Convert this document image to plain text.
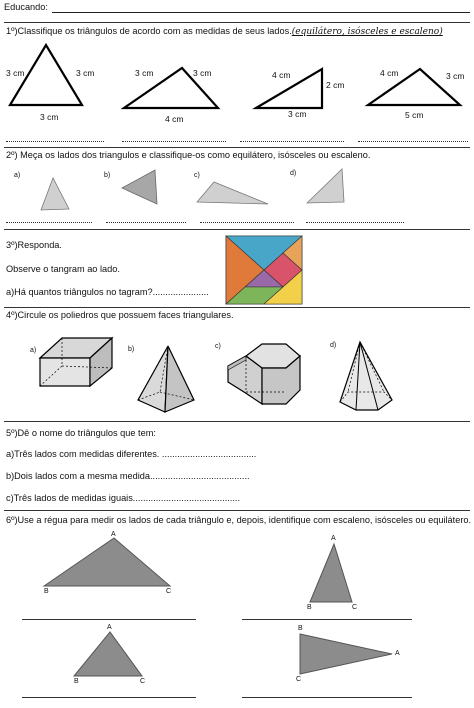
Educando:
1º)Classifique os triângulos de acordo com as medidas de seus lados.(equilátero, isósceles e escaleno)
3 cm	3 cm
3 cm
3 cm	3 cm
4 cm
4 cm
2 cm
3 cm
4 cm	3 cm
5 cm
2º) Meça os lados dos triangulos e classifique-os como equilátero, isósceles ou escaleno.
a)	b)	c)	d)
3º)Responda.
Observe o tangram ao lado.
a)Há quantos triângulos no tagram?......................
4º)Circule os poliedros que possuem faces triangulares.
a)	b)	c)	d)
5º)Dê o nome do triângulos que tem:
a)Três lados com medidas diferentes. .....................................
b)Dois lados com a mesma medida.......................................
c)Três lados de medidas iguais..........................................
6º)Use a régua para medir os lados de cada triângulo e, depois, identifique com escaleno, isósceles ou equilátero.
A
B	C
A
B	C
A
B	C
B
A
C
